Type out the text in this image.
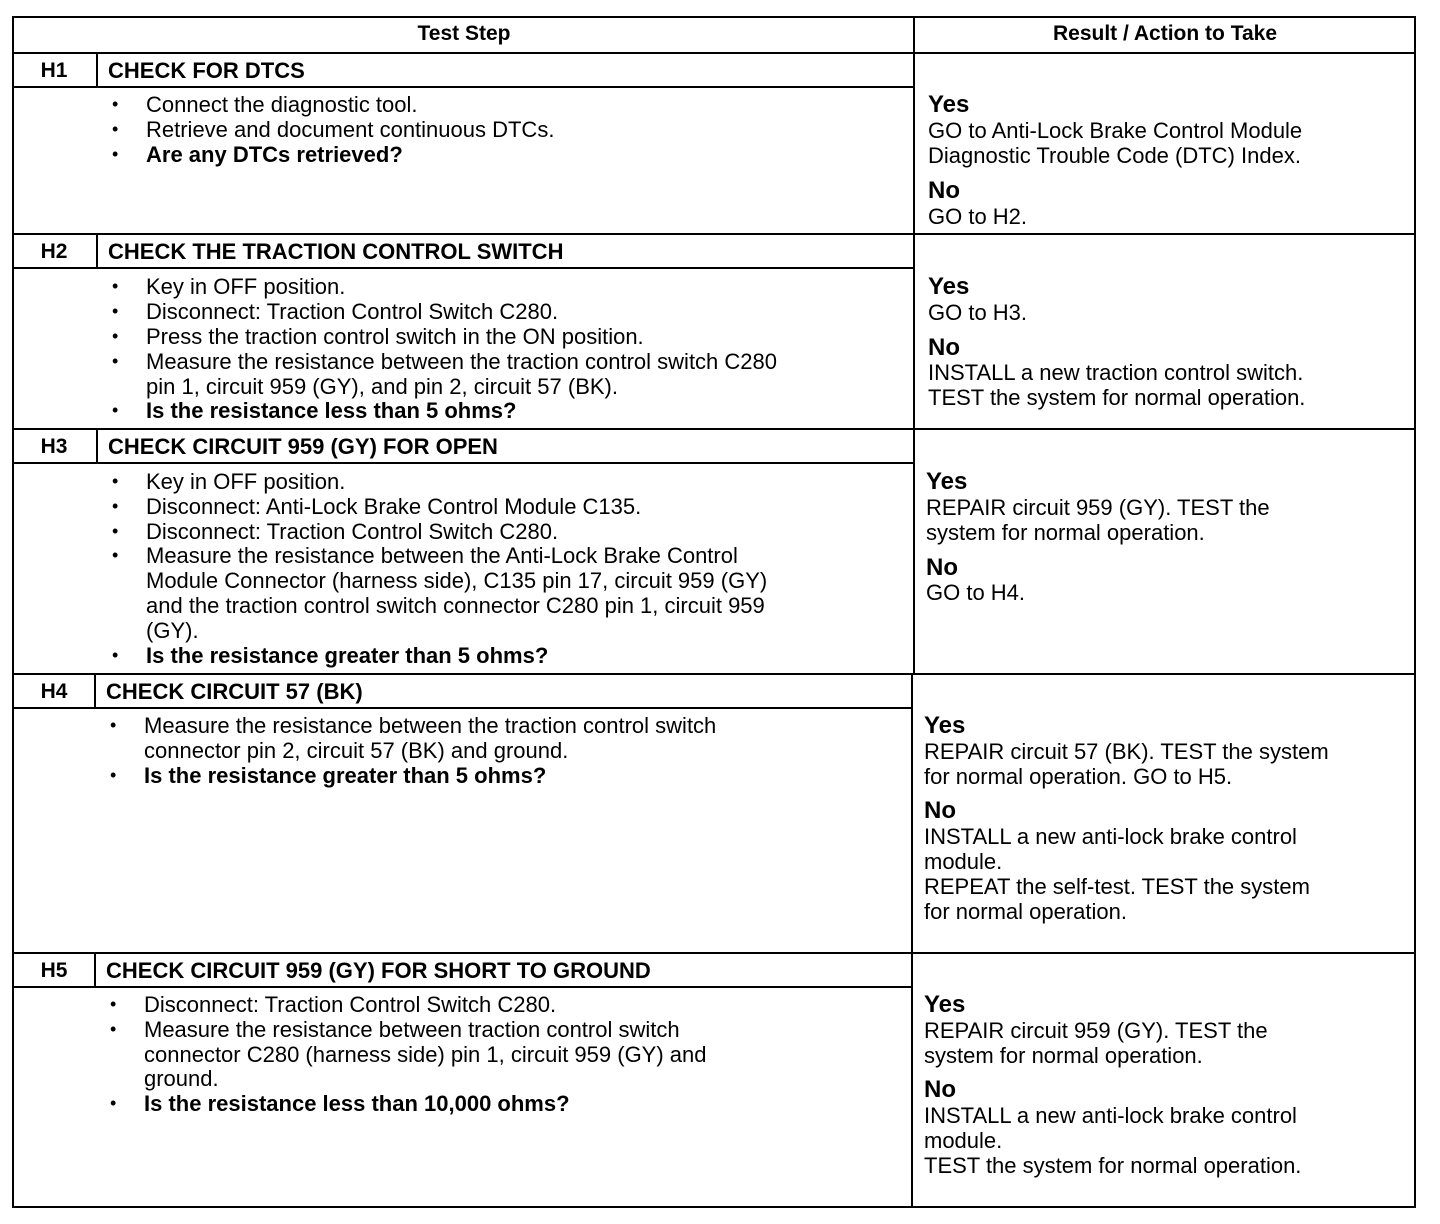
Test Step	Result / Action to Take
H1	CHECK FOR DTCS
• Connect the diagnostic tool.
• Retrieve and document continuous DTCs.
• Are any DTCs retrieved?
Yes
GO to Anti-Lock Brake Control Module
Diagnostic Trouble Code (DTC) Index.
No
GO to H2.
H2	CHECK THE TRACTION CONTROL SWITCH
• Key in OFF position.
• Disconnect: Traction Control Switch C280.
• Press the traction control switch in the ON position.
• Measure the resistance between the traction control switch C280
pin 1, circuit 959 (GY), and pin 2, circuit 57 (BK).
• Is the resistance less than 5 ohms?
Yes
GO to H3.
No
INSTALL a new traction control switch.
TEST the system for normal operation.
H3	CHECK CIRCUIT 959 (GY) FOR OPEN
• Key in OFF position.
• Disconnect: Anti-Lock Brake Control Module C135.
• Disconnect: Traction Control Switch C280.
• Measure the resistance between the Anti-Lock Brake Control
Module Connector (harness side), C135 pin 17, circuit 959 (GY)
and the traction control switch connector C280 pin 1, circuit 959
(GY).
• Is the resistance greater than 5 ohms?
Yes
REPAIR circuit 959 (GY). TEST the
system for normal operation.
No
GO to H4.
H4	CHECK CIRCUIT 57 (BK)
• Measure the resistance between the traction control switch
connector pin 2, circuit 57 (BK) and ground.
• Is the resistance greater than 5 ohms?
Yes
REPAIR circuit 57 (BK). TEST the system
for normal operation. GO to H5.
No
INSTALL a new anti-lock brake control
module.
REPEAT the self-test. TEST the system
for normal operation.
H5	CHECK CIRCUIT 959 (GY) FOR SHORT TO GROUND
• Disconnect: Traction Control Switch C280.
• Measure the resistance between traction control switch
connector C280 (harness side) pin 1, circuit 959 (GY) and
ground.
• Is the resistance less than 10,000 ohms?
Yes
REPAIR circuit 959 (GY). TEST the
system for normal operation.
No
INSTALL a new anti-lock brake control
module.
TEST the system for normal operation.
